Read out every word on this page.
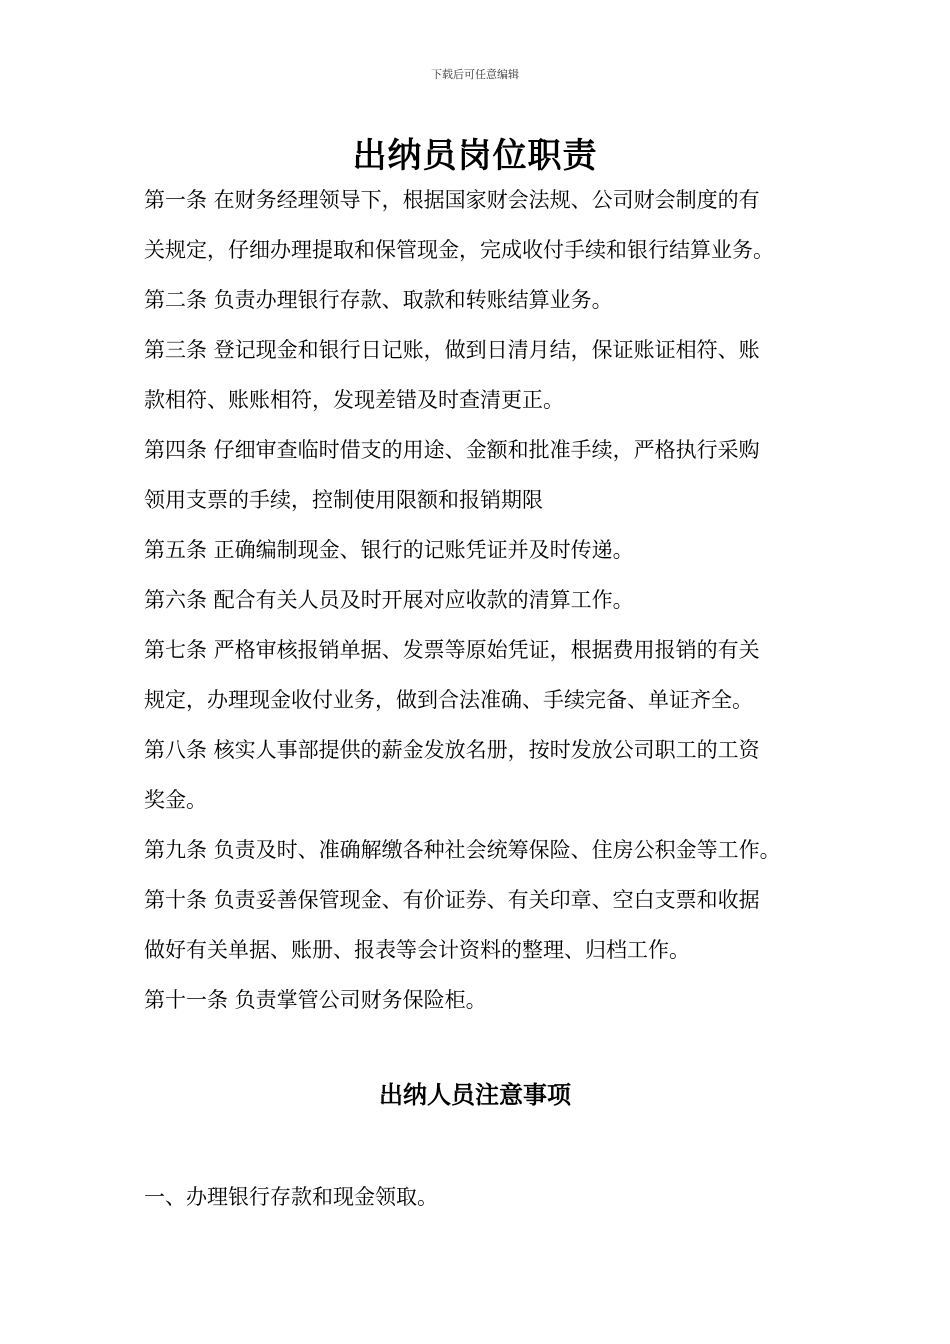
下载后可任意编辑
出纳员岗位职责
第一条 在财务经理领导下，根据国家财会法规、公司财会制度的有
关规定，仔细办理提取和保管现金，完成收付手续和银行结算业务。
第二条 负责办理银行存款、取款和转账结算业务。
第三条 登记现金和银行日记账，做到日清月结，保证账证相符、账
款相符、账账相符，发现差错及时查清更正。
第四条 仔细审查临时借支的用途、金额和批准手续，严格执行采购
领用支票的手续，控制使用限额和报销期限
第五条 正确编制现金、银行的记账凭证并及时传递。
第六条 配合有关人员及时开展对应收款的清算工作。
第七条 严格审核报销单据、发票等原始凭证，根据费用报销的有关
规定，办理现金收付业务，做到合法准确、手续完备、单证齐全。
第八条 核实人事部提供的薪金发放名册，按时发放公司职工的工资
奖金。
第九条 负责及时、准确解缴各种社会统筹保险、住房公积金等工作。
第十条 负责妥善保管现金、有价证券、有关印章、空白支票和收据
做好有关单据、账册、报表等会计资料的整理、归档工作。
第十一条 负责掌管公司财务保险柜。
出纳人员注意事项
一、办理银行存款和现金领取。
